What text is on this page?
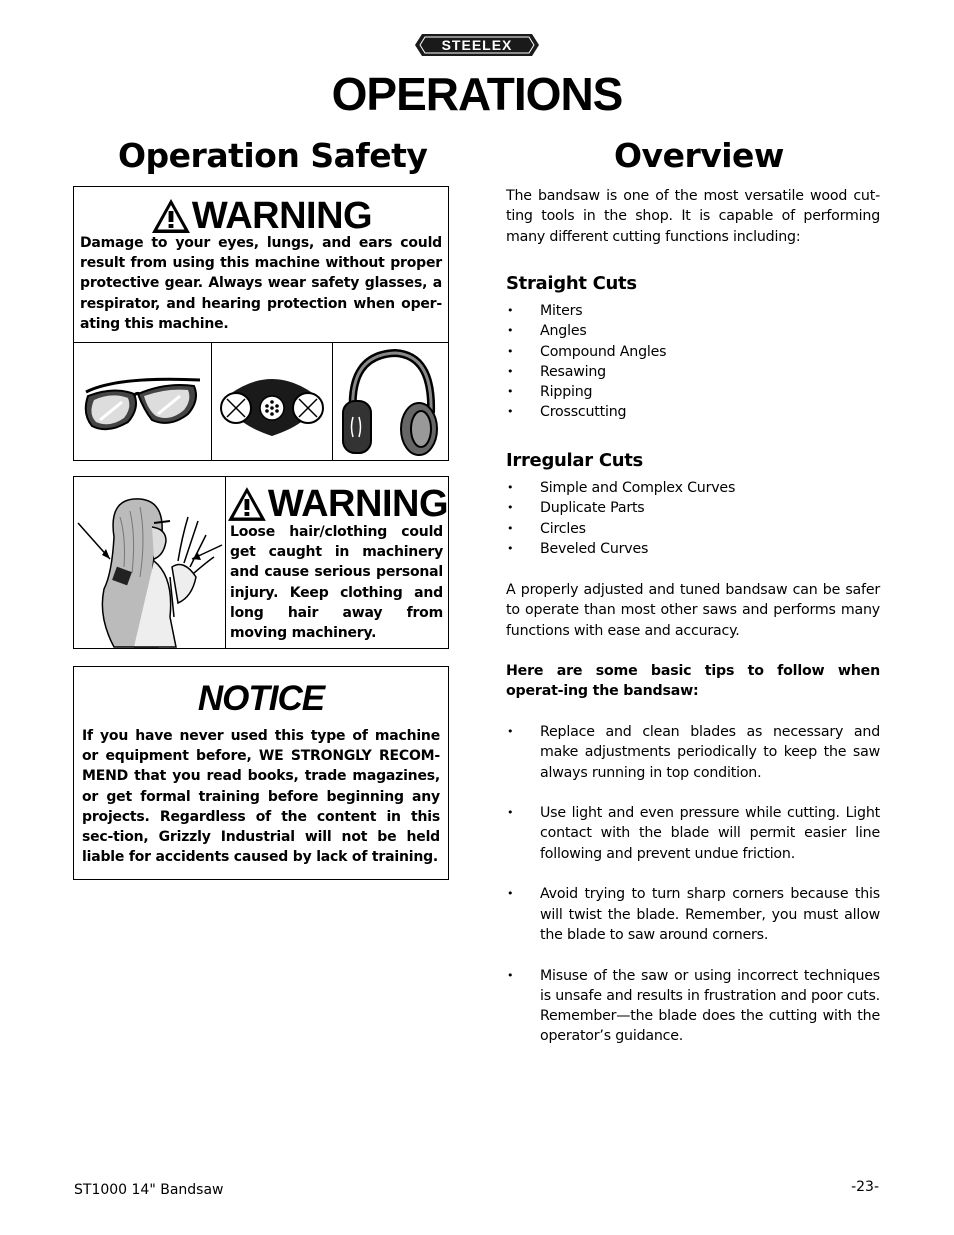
STEELEX
OPERATIONS
Operation Safety
WARNING
Damage to your eyes, lungs, and ears could result from using this machine without proper protective gear. Always wear safety glasses, a respirator, and hearing protection when oper-ating this machine.
WARNING
Loose hair/clothing could get caught in machinery and cause serious personal injury. Keep clothing and long hair away from moving machinery.
NOTICE
If you have never used this type of machine or equipment before, WE STRONGLY RECOM-MEND that you read books, trade magazines, or get formal training before beginning any projects. Regardless of the content in this sec-tion, Grizzly Industrial will not be held liable for accidents caused by lack of training.
Overview
The bandsaw is one of the most versatile wood cut-ting tools in the shop. It is capable of performing many different cutting functions including:
Straight Cuts
• Miters
• Angles
• Compound Angles
• Resawing
• Ripping
• Crosscutting
Irregular Cuts
• Simple and Complex Curves
• Duplicate Parts
• Circles
• Beveled Curves
A properly adjusted and tuned bandsaw can be safer to operate than most other saws and performs many functions with ease and accuracy.
Here are some basic tips to follow when operat-ing the bandsaw:
• Replace and clean blades as necessary and make adjustments periodically to keep the saw always running in top condition.
• Use light and even pressure while cutting. Light contact with the blade will permit easier line following and prevent undue friction.
• Avoid trying to turn sharp corners because this will twist the blade. Remember, you must allow the blade to saw around corners.
• Misuse of the saw or using incorrect techniques is unsafe and results in frustration and poor cuts. Remember—the blade does the cutting with the operator’s guidance.
ST1000 14" Bandsaw	-23-
